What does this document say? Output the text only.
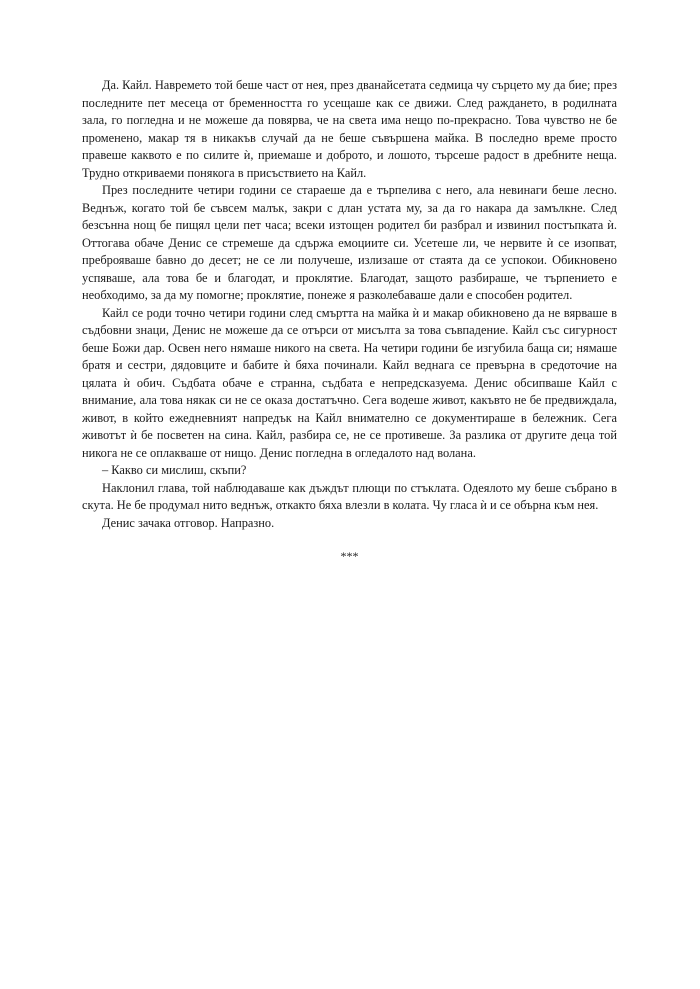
Да. Кайл. Навремето той беше част от нея, през дванайсетата седмица чу сърцето му да бие; през последните пет месеца от бременността го усещаше как се движи. След раждането, в родилната зала, го погледна и не можеше да повярва, че на света има нещо по-прекрасно. Това чувство не бе променено, макар тя в никакъв случай да не беше съвършена майка. В последно време просто правеше каквото е по силите ѝ, приемаше и доброто, и лошото, търсеше радост в дребните неща. Трудно откриваеми понякога в присъствието на Кайл.

През последните четири години се стараеше да е търпелива с него, ала невинаги беше лесно. Веднъж, когато той бе съвсем малък, закри с длан устата му, за да го накара да замълкне. След безсънна нощ бе пищял цели пет часа; всеки изтощен родител би разбрал и извинил постъпката ѝ. Оттогава обаче Денис се стремеше да сдържа емоциите си. Усетеше ли, че нервите ѝ се изопват, преброяваше бавно до десет; не се ли получеше, излизаше от стаята да се успокои. Обикновено успяваше, ала това бе и благодат, и проклятие. Благодат, защото разбираше, че търпението е необходимо, за да му помогне; проклятие, понеже я разколебаваше дали е способен родител.

Кайл се роди точно четири години след смъртта на майка ѝ и макар обикновено да не вярваше в съдбовни знаци, Денис не можеше да се отърси от мисълта за това съвпадение. Кайл със сигурност беше Божи дар. Освен него нямаше никого на света. На четири години бе изгубила баща си; нямаше братя и сестри, дядовците и бабите ѝ бяха починали. Кайл веднага се превърна в средоточие на цялата ѝ обич. Съдбата обаче е странна, съдбата е непредсказуема. Денис обсипваше Кайл с внимание, ала това някак си не се оказа достатъчно. Сега водеше живот, какъвто не бе предвиждала, живот, в който ежедневният напредък на Кайл внимателно се документираше в бележник. Сега животът ѝ бе посветен на сина. Кайл, разбира се, не се противеше. За разлика от другите деца той никога не се оплакваше от нищо. Денис погледна в огледалото над волана.

– Какво си мислиш, скъпи?

Наклонил глава, той наблюдаваше как дъждът плющи по стъклата. Одеялото му беше събрано в скута. Не бе продумал нито веднъж, откакто бяха влезли в колата. Чу гласа ѝ и се обърна към нея.

Денис зачака отговор. Напразно.

***
